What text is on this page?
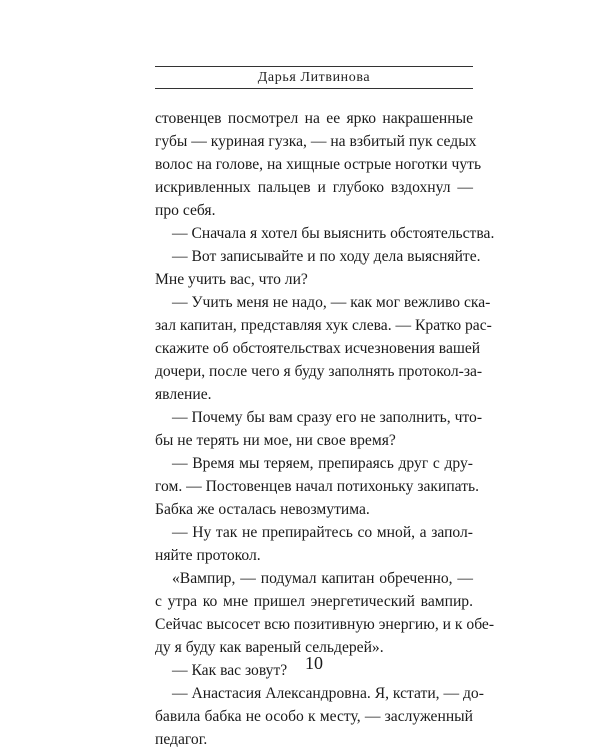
Дарья Литвинова
стовенцев посмотрел на ее ярко накрашенные
губы — куриная гузка, — на взбитый пук седых
волос на голове, на хищные острые ноготки чуть
искривленных пальцев и глубоко вздохнул —
про себя.
— Сначала я хотел бы выяснить обстоятельства.
— Вот записывайте и по ходу дела выясняйте.
Мне учить вас, что ли?
— Учить меня не надо, — как мог вежливо ска-
зал капитан, представляя хук слева. — Кратко рас-
скажите об обстоятельствах исчезновения вашей
дочери, после чего я буду заполнять протокол-за-
явление.
— Почему бы вам сразу его не заполнить, что-
бы не терять ни мое, ни свое время?
— Время мы теряем, препираясь друг с дру-
гом. — Постовенцев начал потихоньку закипать.
Бабка же осталась невозмутима.
— Ну так не препирайтесь со мной, а запол-
няйте протокол.
«Вампир, — подумал капитан обреченно, —
с утра ко мне пришел энергетический вампир.
Сейчас высосет всю позитивную энергию, и к обе-
ду я буду как вареный сельдерей».
— Как вас зовут?
— Анастасия Александровна. Я, кстати, — до-
бавила бабка не особо к месту, — заслуженный
педагог.
10
